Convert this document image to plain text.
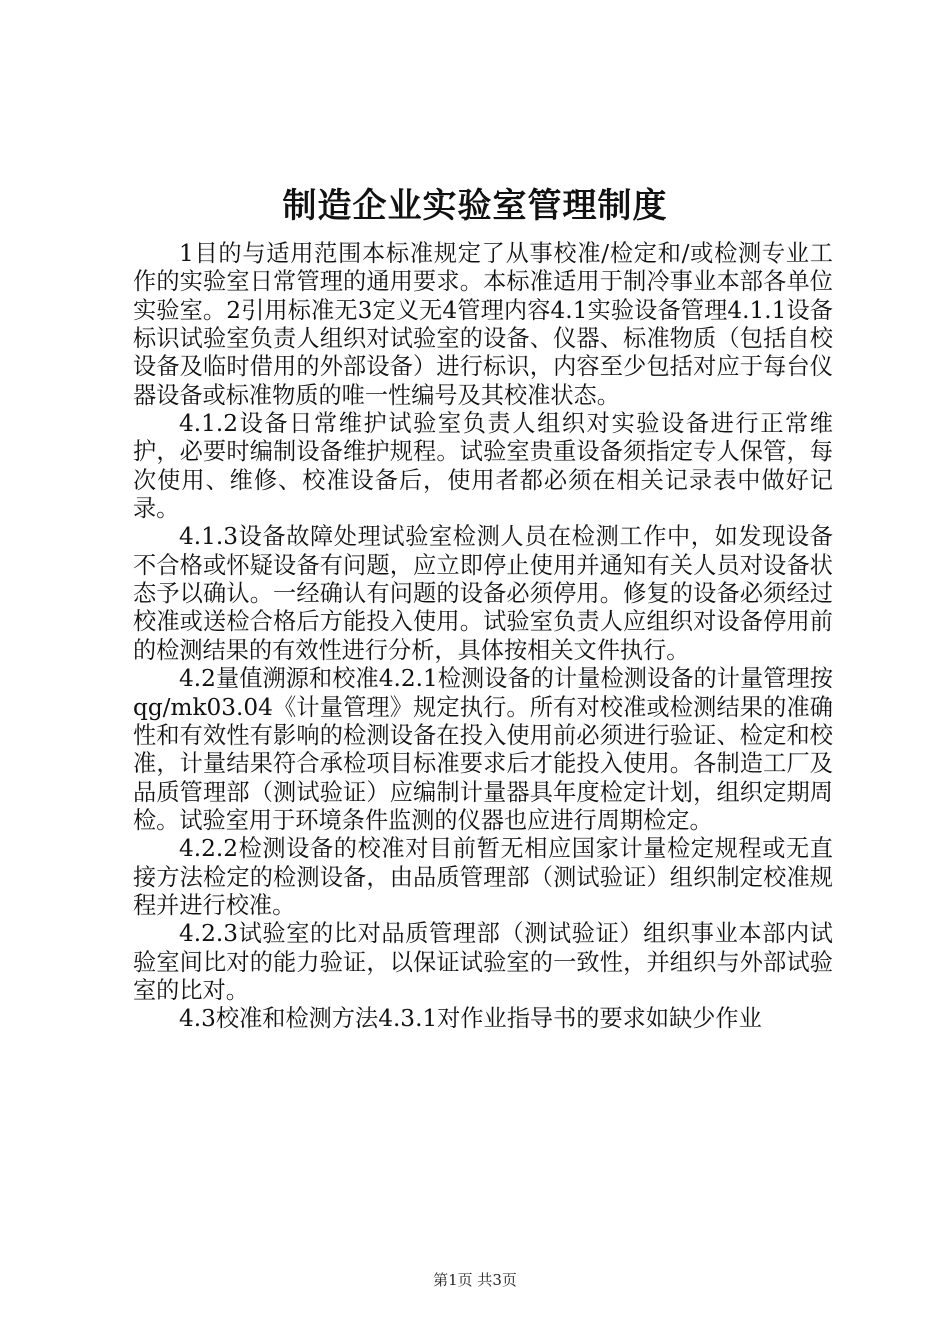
制造企业实验室管理制度

1目的与适用范围本标准规定了从事校准/检定和/或检测专业工作的实验室日常管理的通用要求。本标准适用于制冷事业本部各单位实验室。2引用标准无3定义无4管理内容4.1实验设备管理4.1.1设备标识试验室负责人组织对试验室的设备、仪器、标准物质（包括自校设备及临时借用的外部设备）进行标识，内容至少包括对应于每台仪器设备或标准物质的唯一性编号及其校准状态。

4.1.2设备日常维护试验室负责人组织对实验设备进行正常维护，必要时编制设备维护规程。试验室贵重设备须指定专人保管，每次使用、维修、校准设备后，使用者都必须在相关记录表中做好记录。

4.1.3设备故障处理试验室检测人员在检测工作中，如发现设备不合格或怀疑设备有问题，应立即停止使用并通知有关人员对设备状态予以确认。一经确认有问题的设备必须停用。修复的设备必须经过校准或送检合格后方能投入使用。试验室负责人应组织对设备停用前的检测结果的有效性进行分析，具体按相关文件执行。

4.2量值溯源和校准4.2.1检测设备的计量检测设备的计量管理按qg/mk03.04《计量管理》规定执行。所有对校准或检测结果的准确性和有效性有影响的检测设备在投入使用前必须进行验证、检定和校准，计量结果符合承检项目标准要求后才能投入使用。各制造工厂及品质管理部（测试验证）应编制计量器具年度检定计划，组织定期周检。试验室用于环境条件监测的仪器也应进行周期检定。

4.2.2检测设备的校准对目前暂无相应国家计量检定规程或无直接方法检定的检测设备，由品质管理部（测试验证）组织制定校准规程并进行校准。

4.2.3试验室的比对品质管理部（测试验证）组织事业本部内试验室间比对的能力验证，以保证试验室的一致性，并组织与外部试验室的比对。

4.3校准和检测方法4.3.1对作业指导书的要求如缺少作业

第1页 共3页
